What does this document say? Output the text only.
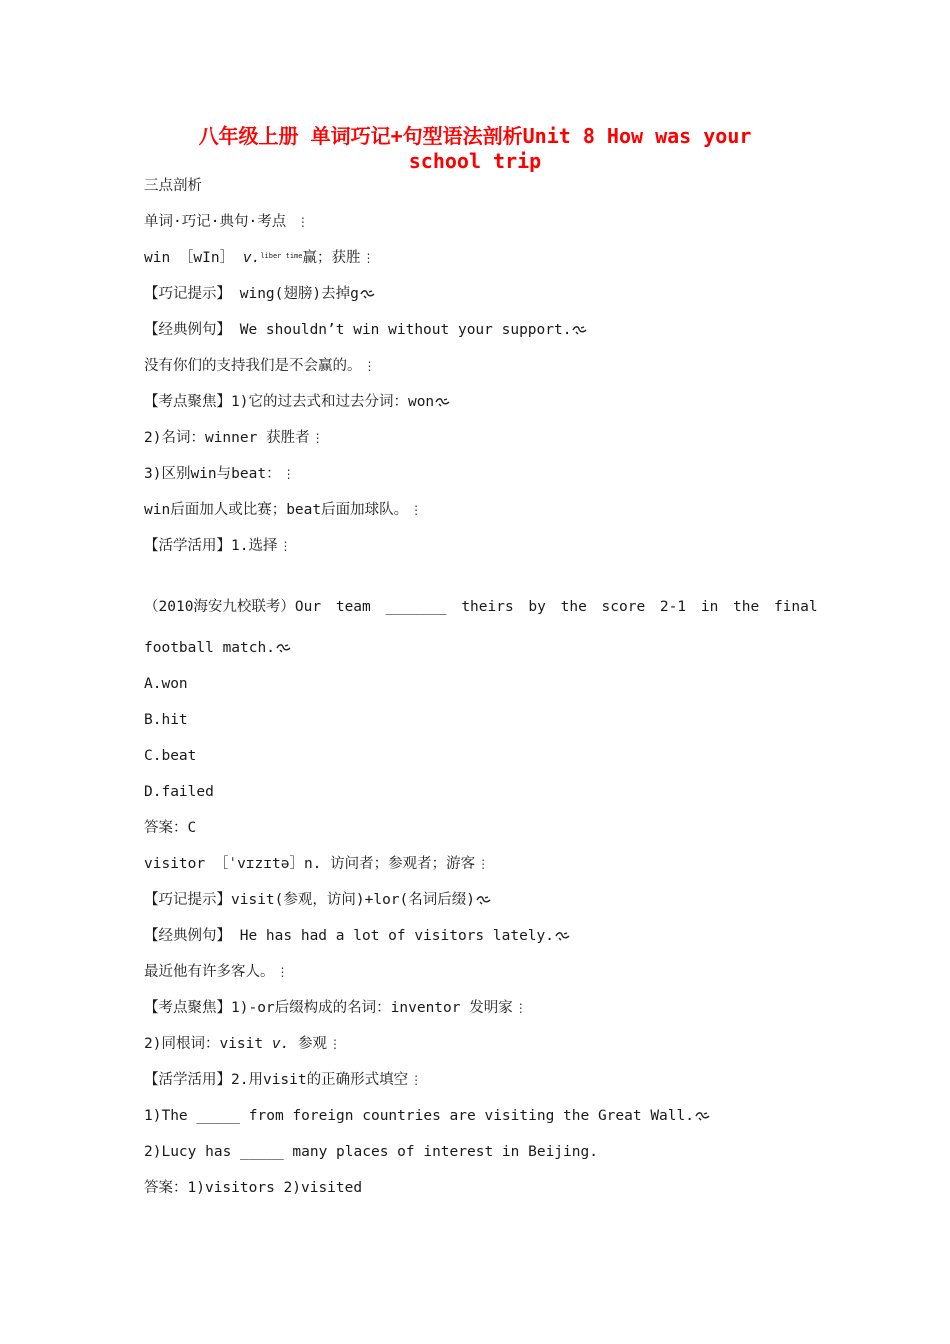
八年级上册 单词巧记+句型语法剖析Unit 8 How was your
school trip
三点剖析
单词·巧记·典句·考点 ⋮
win ［wIn］ v.liber time赢；获胜 ⋮
【巧记提示】 wing(翅膀)去掉g
【经典例句】 We shouldn’t win without your support.
没有你们的支持我们是不会赢的。 ⋮
【考点聚焦】1)它的过去式和过去分词：won
2)名词：winner 获胜者 ⋮
3)区别win与beat： ⋮
win后面加人或比赛；beat后面加球队。 ⋮
【活学活用】1.选择 ⋮
（2010海安九校联考）Our team _______ theirs by the score 2-1 in the final
football match.
A.won
B.hit
C.beat
D.failed
答案：C
visitor ［ˈvɪzɪtə］n. 访问者；参观者；游客 ⋮
【巧记提示】visit(参观，访问)+lor(名词后缀)
【经典例句】 He has had a lot of visitors lately.
最近他有许多客人。 ⋮
【考点聚焦】1)-or后缀构成的名词：inventor 发明家 ⋮
2)同根词：visit v. 参观 ⋮
【活学活用】2.用visit的正确形式填空 ⋮
1)The _____ from foreign countries are visiting the Great Wall.
2)Lucy has _____ many places of interest in Beijing.
答案：1)visitors 2)visited
